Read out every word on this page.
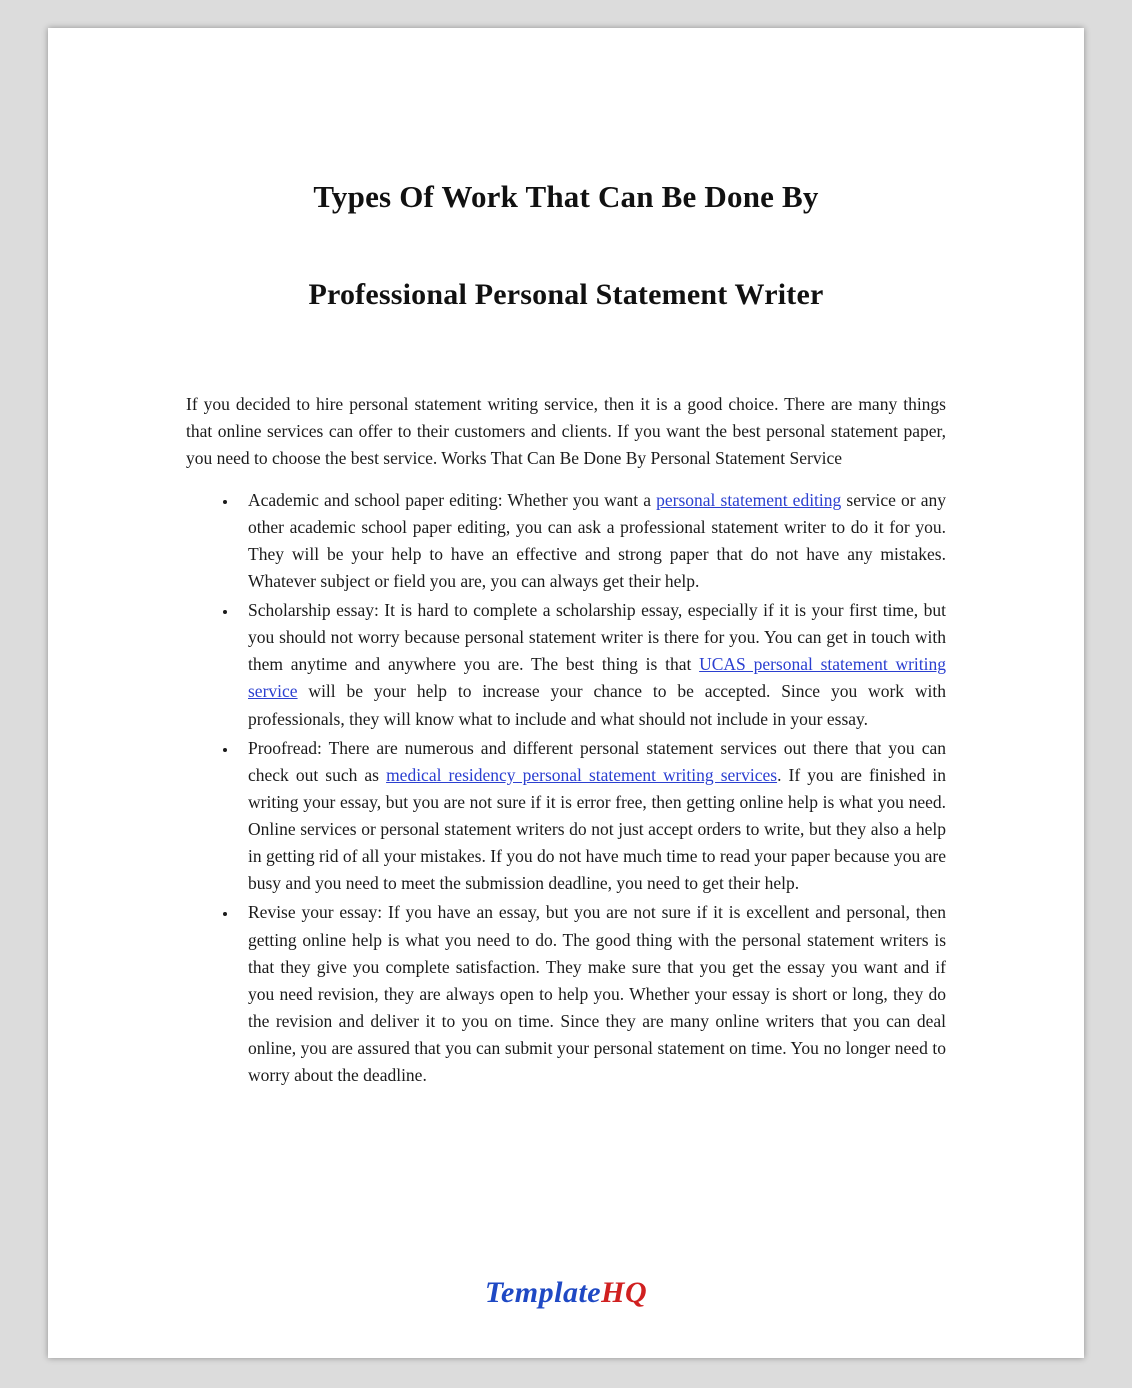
Types Of Work That Can Be Done By
Professional Personal Statement Writer

If you decided to hire personal statement writing service, then it is a good choice. There are many things that online services can offer to their customers and clients. If you want the best personal statement paper, you need to choose the best service. Works That Can Be Done By Personal Statement Service

• Academic and school paper editing: Whether you want a personal statement editing service or any other academic school paper editing, you can ask a professional statement writer to do it for you. They will be your help to have an effective and strong paper that do not have any mistakes. Whatever subject or field you are, you can always get their help.
• Scholarship essay: It is hard to complete a scholarship essay, especially if it is your first time, but you should not worry because personal statement writer is there for you. You can get in touch with them anytime and anywhere you are. The best thing is that UCAS personal statement writing service will be your help to increase your chance to be accepted. Since you work with professionals, they will know what to include and what should not include in your essay.
• Proofread: There are numerous and different personal statement services out there that you can check out such as medical residency personal statement writing services. If you are finished in writing your essay, but you are not sure if it is error free, then getting online help is what you need. Online services or personal statement writers do not just accept orders to write, but they also a help in getting rid of all your mistakes. If you do not have much time to read your paper because you are busy and you need to meet the submission deadline, you need to get their help.
• Revise your essay: If you have an essay, but you are not sure if it is excellent and personal, then getting online help is what you need to do. The good thing with the personal statement writers is that they give you complete satisfaction. They make sure that you get the essay you want and if you need revision, they are always open to help you. Whether your essay is short or long, they do the revision and deliver it to you on time. Since they are many online writers that you can deal online, you are assured that you can submit your personal statement on time. You no longer need to worry about the deadline.
TemplateHQ
